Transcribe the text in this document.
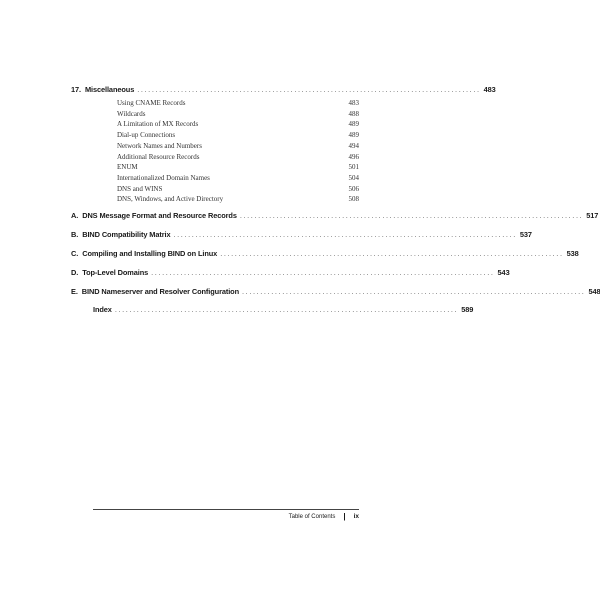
17. Miscellaneous .............................................................................................. 483
Using CNAME Records	483
Wildcards	488
A Limitation of MX Records	489
Dial-up Connections	489
Network Names and Numbers	494
Additional Resource Records	496
ENUM	501
Internationalized Domain Names	504
DNS and WINS	506
DNS, Windows, and Active Directory	508
A. DNS Message Format and Resource Records .............................................................................................. 517
B. BIND Compatibility Matrix .............................................................................................. 537
C. Compiling and Installing BIND on Linux .............................................................................................. 538
D. Top-Level Domains .............................................................................................. 543
E. BIND Nameserver and Resolver Configuration .............................................................................................. 548
Index .............................................................................................. 589
Table of Contents | ix
